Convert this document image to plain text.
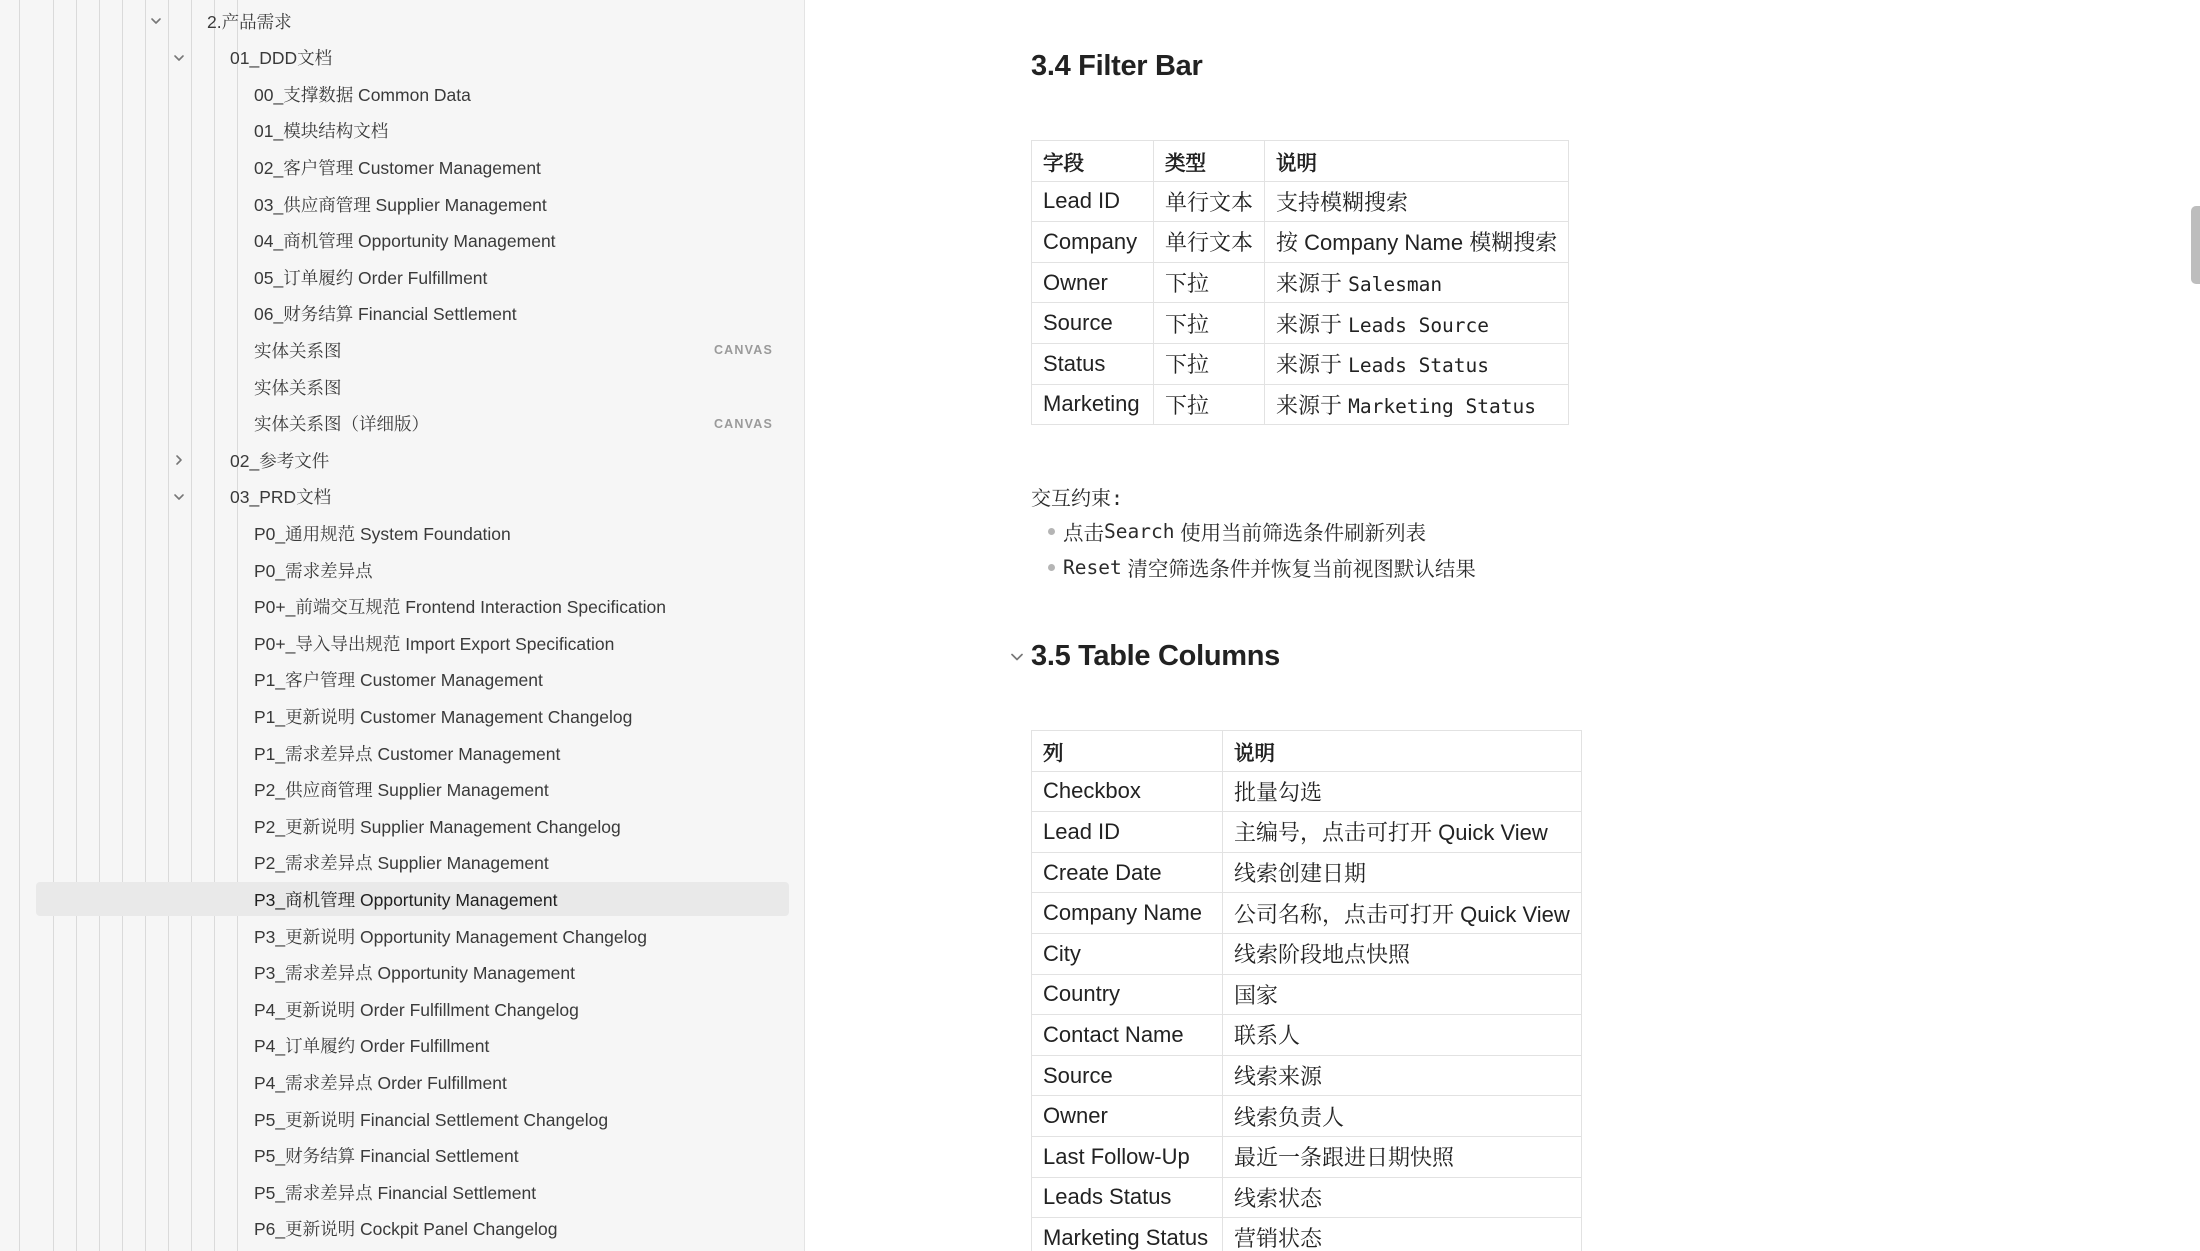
2.产品需求
01_DDD文档
00_支撑数据 Common Data
01_模块结构文档
02_客户管理 Customer Management
03_供应商管理 Supplier Management
04_商机管理 Opportunity Management
05_订单履约 Order Fulfillment
06_财务结算 Financial Settlement
实体关系图	CANVAS
实体关系图
实体关系图（详细版）	CANVAS
02_参考文件
03_PRD文档
P0_通用规范 System Foundation
P0_需求差异点
P0+_前端交互规范 Frontend Interaction Specification
P0+_导入导出规范 Import Export Specification
P1_客户管理 Customer Management
P1_更新说明 Customer Management Changelog
P1_需求差异点 Customer Management
P2_供应商管理 Supplier Management
P2_更新说明 Supplier Management Changelog
P2_需求差异点 Supplier Management
P3_商机管理 Opportunity Management
P3_更新说明 Opportunity Management Changelog
P3_需求差异点 Opportunity Management
P4_更新说明 Order Fulfillment Changelog
P4_订单履约 Order Fulfillment
P4_需求差异点 Order Fulfillment
P5_更新说明 Financial Settlement Changelog
P5_财务结算 Financial Settlement
P5_需求差异点 Financial Settlement
P6_更新说明 Cockpit Panel Changelog
3.4 Filter Bar
字段	类型	说明
Lead ID	单行文本	支持模糊搜索
Company	单行文本	按 Company Name 模糊搜索
Owner	下拉	来源于 Salesman
Source	下拉	来源于 Leads Source
Status	下拉	来源于 Leads Status
Marketing	下拉	来源于 Marketing Status
交互约束:
点击 Search 使用当前筛选条件刷新列表
Reset 清空筛选条件并恢复当前视图默认结果
3.5 Table Columns
列	说明
Checkbox	批量勾选
Lead ID	主编号，点击可打开 Quick View
Create Date	线索创建日期
Company Name	公司名称，点击可打开 Quick View
City	线索阶段地点快照
Country	国家
Contact Name	联系人
Source	线索来源
Owner	线索负责人
Last Follow-Up	最近一条跟进日期快照
Leads Status	线索状态
Marketing Status	营销状态
